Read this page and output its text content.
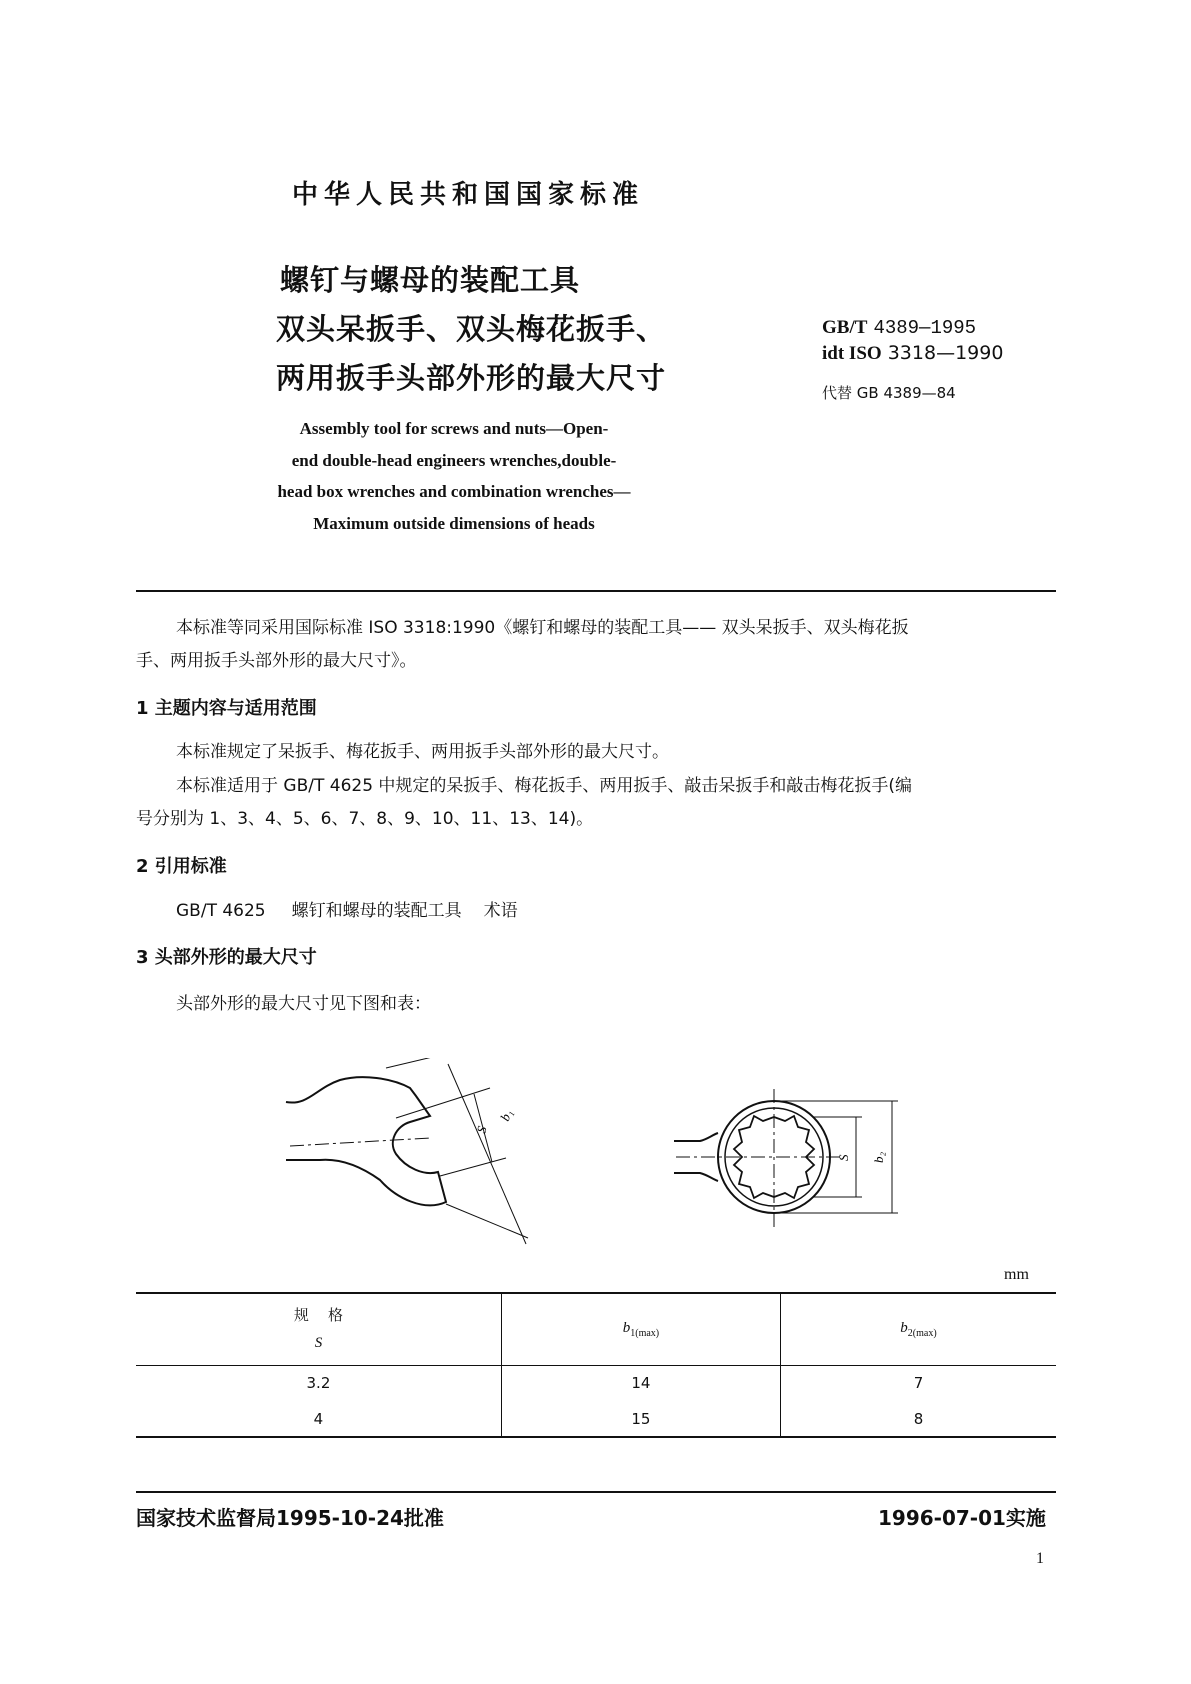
中华人民共和国国家标准
螺钉与螺母的装配工具
双头呆扳手、双头梅花扳手、
两用扳手头部外形的最大尺寸
Assembly tool for screws and nuts—Open-
end double-head engineers wrenches,double-
head box wrenches and combination wrenches—
Maximum outside dimensions of heads
GB/T 4389—1995
idt ISO 3318—1990
代替 GB 4389—84
本标准等同采用国际标准 ISO 3318:1990《螺钉和螺母的装配工具—— 双头呆扳手、双头梅花扳
手、两用扳手头部外形的最大尺寸》。
1 主题内容与适用范围
本标准规定了呆扳手、梅花扳手、两用扳手头部外形的最大尺寸。
本标准适用于 GB/T 4625 中规定的呆扳手、梅花扳手、两用扳手、敲击呆扳手和敲击梅花扳手(编
号分别为 1、3、4、5、6、7、8、9、10、11、13、14)。
2 引用标准
GB/T 4625 螺钉和螺母的装配工具 术语
3 头部外形的最大尺寸
头部外形的最大尺寸见下图和表：
S
b₁
S b₂
mm
规    格
S	$b_{1(max)}$	$b_{2(max)}$
3.2	14	7
4	15	8
国家技术监督局1995-10-24批准	1996-07-01实施
1
